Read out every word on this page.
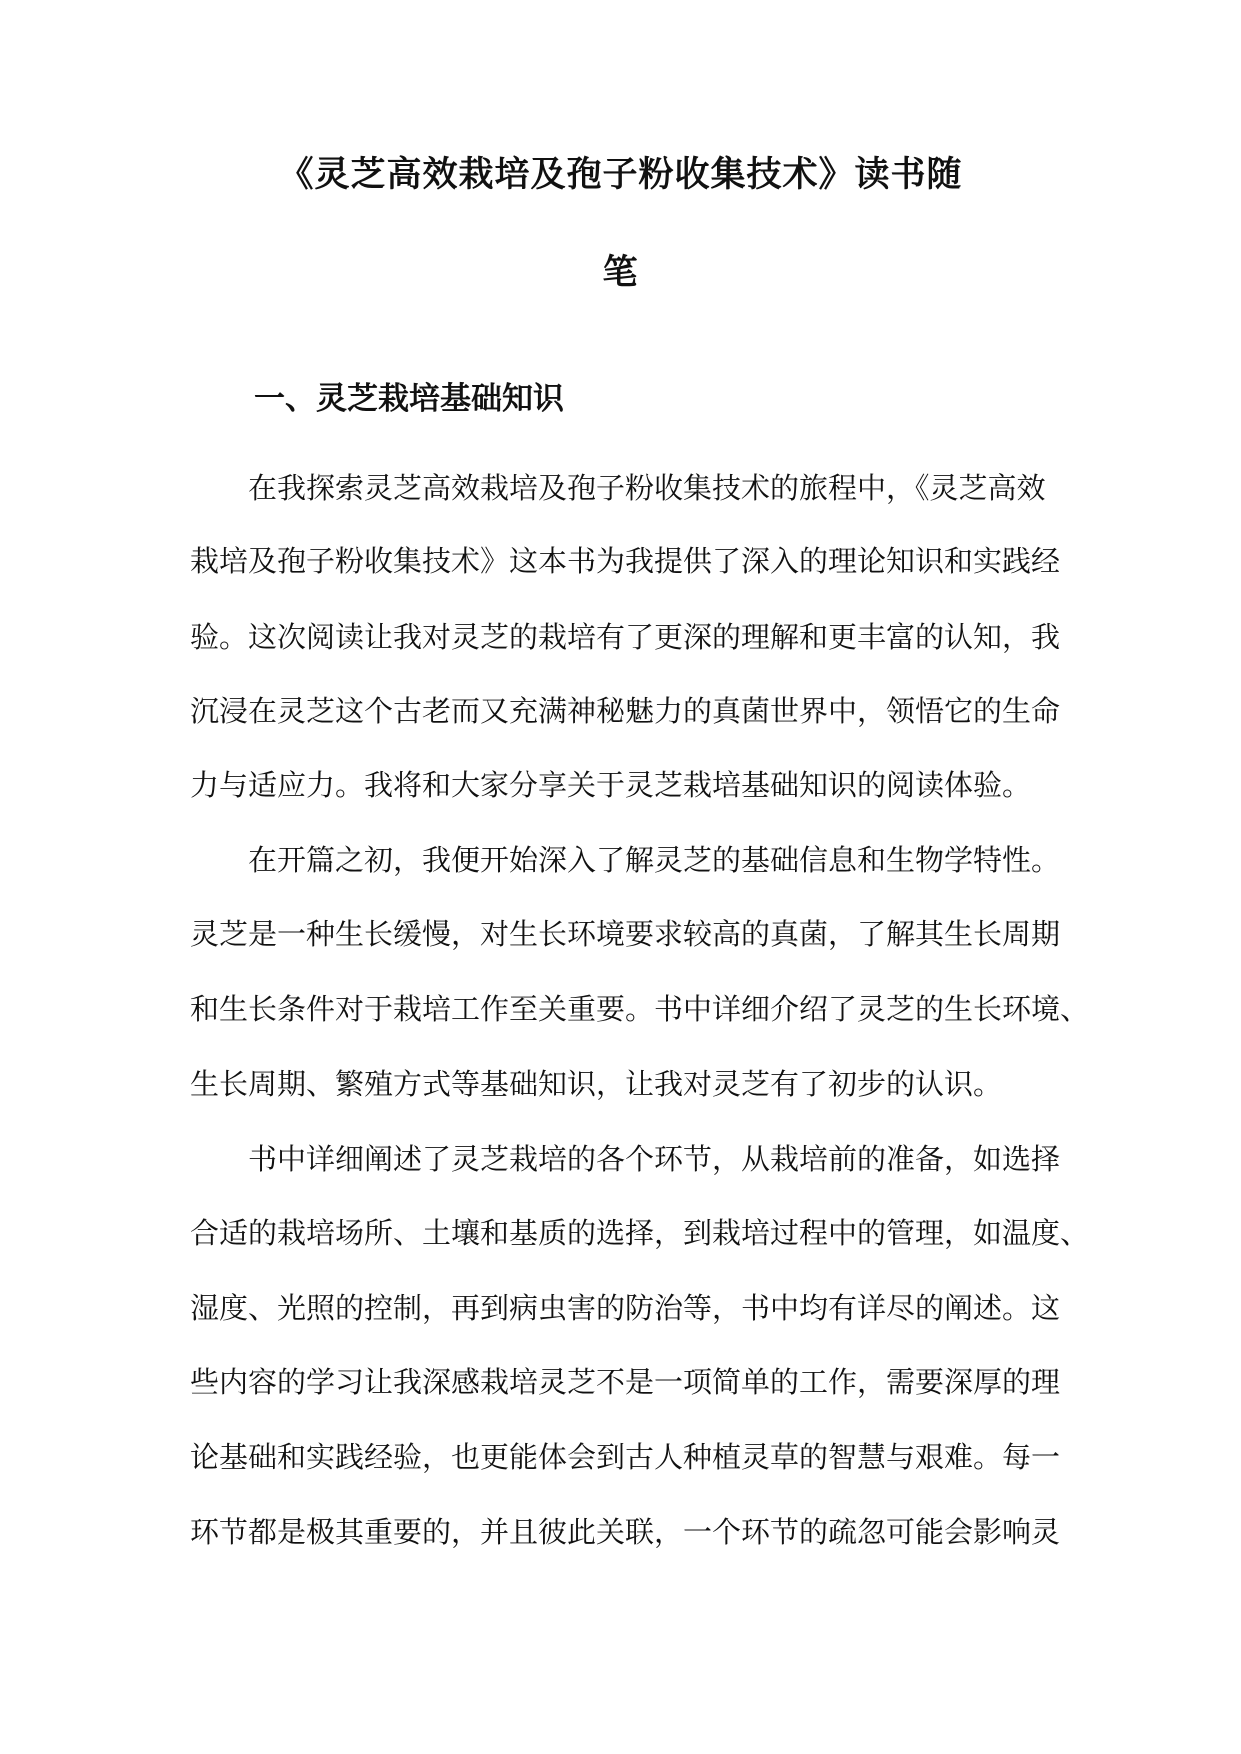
《灵芝高效栽培及孢子粉收集技术》读书随
笔
一、灵芝栽培基础知识
在我探索灵芝高效栽培及孢子粉收集技术的旅程中，《灵芝高效
栽培及孢子粉收集技术》这本书为我提供了深入的理论知识和实践经
验。这次阅读让我对灵芝的栽培有了更深的理解和更丰富的认知，我
沉浸在灵芝这个古老而又充满神秘魅力的真菌世界中，领悟它的生命
力与适应力。我将和大家分享关于灵芝栽培基础知识的阅读体验。
在开篇之初，我便开始深入了解灵芝的基础信息和生物学特性。
灵芝是一种生长缓慢，对生长环境要求较高的真菌，了解其生长周期
和生长条件对于栽培工作至关重要。书中详细介绍了灵芝的生长环境、
生长周期、繁殖方式等基础知识，让我对灵芝有了初步的认识。
书中详细阐述了灵芝栽培的各个环节，从栽培前的准备，如选择
合适的栽培场所、土壤和基质的选择，到栽培过程中的管理，如温度、
湿度、光照的控制，再到病虫害的防治等，书中均有详尽的阐述。这
些内容的学习让我深感栽培灵芝不是一项简单的工作，需要深厚的理
论基础和实践经验，也更能体会到古人种植灵草的智慧与艰难。每一
环节都是极其重要的，并且彼此关联，一个环节的疏忽可能会影响灵
